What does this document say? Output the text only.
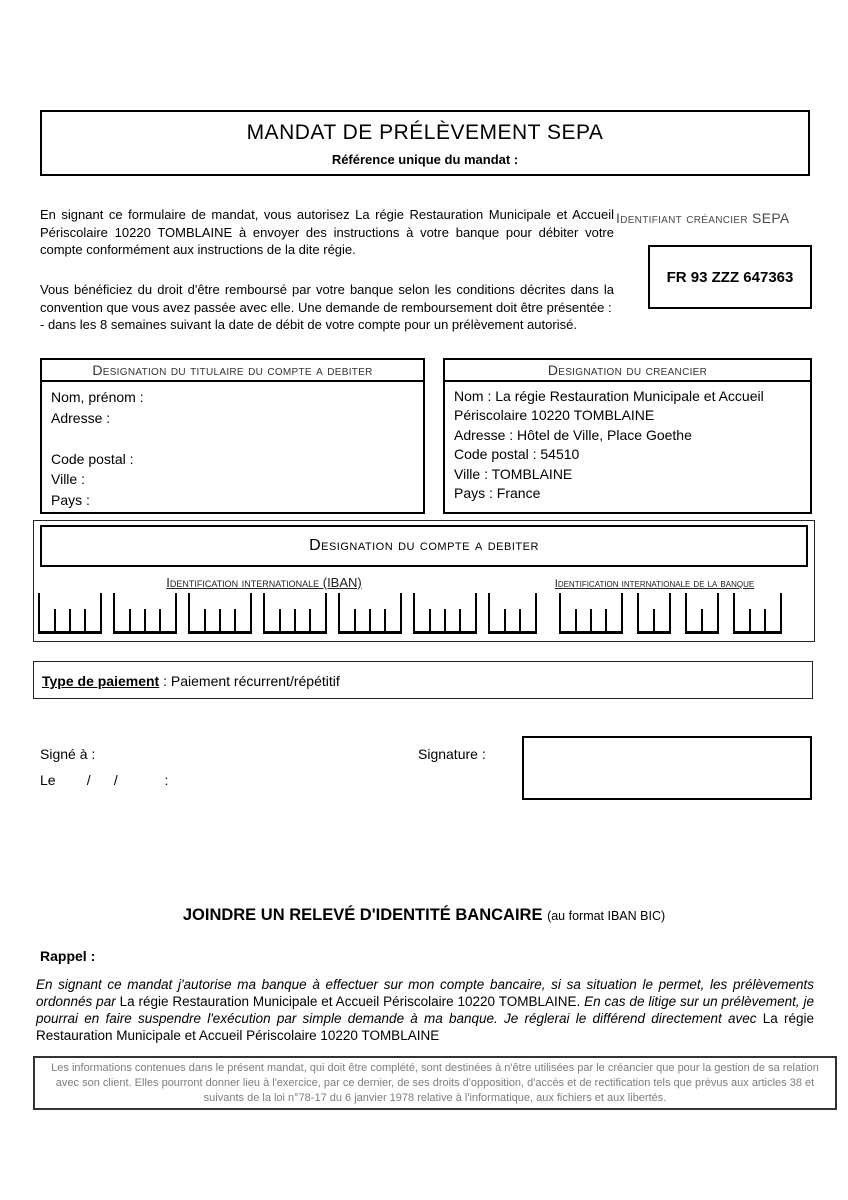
MANDAT DE PRÉLÈVEMENT SEPA
Référence unique du mandat :

En signant ce formulaire de mandat, vous autorisez La régie Restauration Municipale et Accueil Périscolaire 10220 TOMBLAINE à envoyer des instructions à votre banque pour débiter votre compte conformément aux instructions de la dite régie.

Identifiant créancier SEPA
FR 93 ZZZ 647363
Vous bénéficiez du droit d'être remboursé par votre banque selon les conditions décrites dans la convention que vous avez passée avec elle. Une demande de remboursement doit être présentée :
- dans les 8 semaines suivant la date de débit de votre compte pour un prélèvement autorisé.
Designation du titulaire du compte a debiter
Nom, prénom :
Adresse :

Code postal :
Ville :
Pays :
Designation du creancier
Nom : La régie Restauration Municipale et Accueil Périscolaire 10220 TOMBLAINE
Adresse : Hôtel de Ville, Place Goethe
Code postal : 54510
Ville : TOMBLAINE
Pays : France
Designation du compte a debiter
Identification internationale (IBAN)	Identification internationale de la banque
Type de paiement : Paiement récurrent/répétitif
Signé à :
Le        /      /            :
Signature :
JOINDRE UN RELEVÉ D'IDENTITÉ BANCAIRE (au format IBAN BIC)
Rappel :
En signant ce mandat j'autorise ma banque à effectuer sur mon compte bancaire, si sa situation le permet, les prélèvements ordonnés par La régie Restauration Municipale et Accueil Périscolaire 10220 TOMBLAINE. En cas de litige sur un prélèvement, je pourrai en faire suspendre l'exécution par simple demande à ma banque. Je réglerai le différend directement avec La régie Restauration Municipale et Accueil Périscolaire 10220 TOMBLAINE
Les informations contenues dans le présent mandat, qui doit être complété, sont destinées à n'être utilisées par le créancier que pour la gestion de sa relation avec son client. Elles pourront donner lieu à l'exercice, par ce dernier, de ses droits d'opposition, d'accès et de rectification tels que prévus aux articles 38 et suivants de la loi n°78-17 du 6 janvier 1978 relative à l'informatique, aux fichiers et aux libertés.
